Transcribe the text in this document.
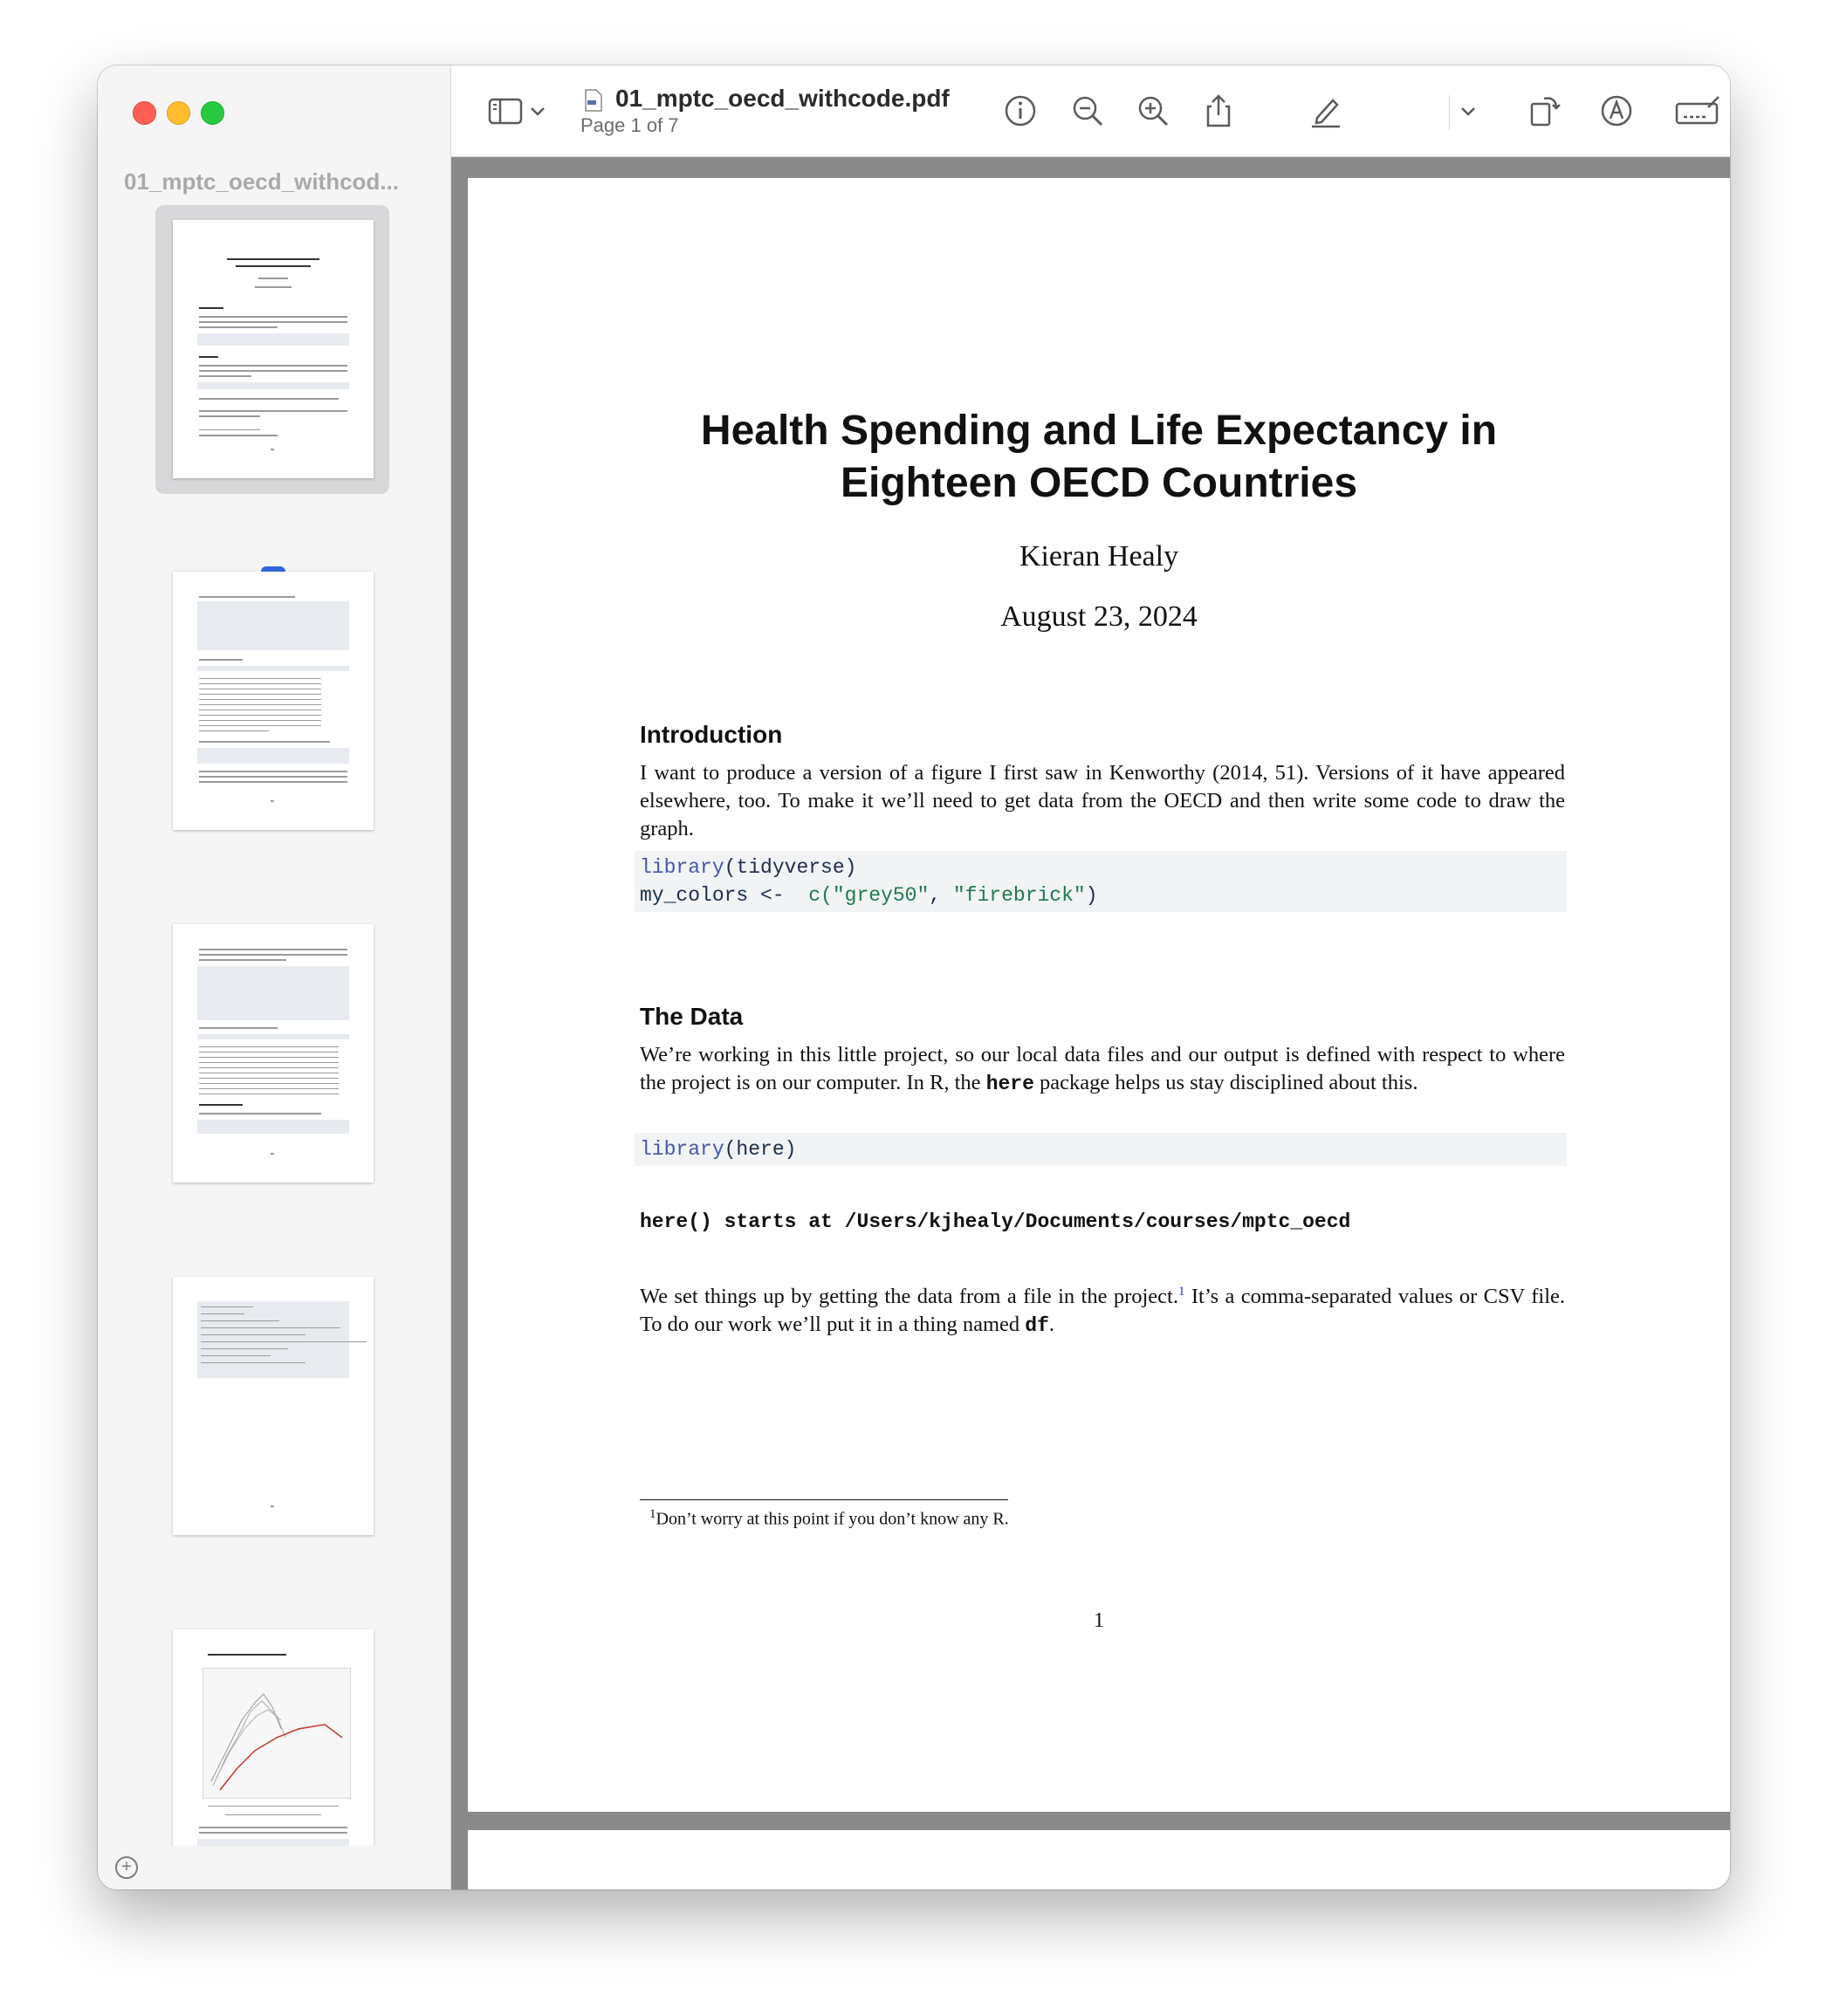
01_mptc_oecd_withcod...
+
01_mptc_oecd_withcode.pdf
Page 1 of 7
Health Spending and Life Expectancy in
Eighteen OECD Countries
Kieran Healy
August 23, 2024
Introduction
I want to produce a version of a figure I first saw in Kenworthy (2014, 51). Versions of it have appeared elsewhere, too. To make it we’ll need to get data from the OECD and then write some code to draw the graph.
library(tidyverse)
my_colors <-  c("grey50", "firebrick")
The Data
We’re working in this little project, so our local data files and our output is defined with respect to where the project is on our computer. In R, the here package helps us stay disciplined about this.
library(here)
here() starts at /Users/kjhealy/Documents/courses/mptc_oecd
We set things up by getting the data from a file in the project.$^1$ It’s a comma-separated values or CSV file. To do our work we’ll put it in a thing named df.
$^1$Don’t worry at this point if you don’t know any R.
1
